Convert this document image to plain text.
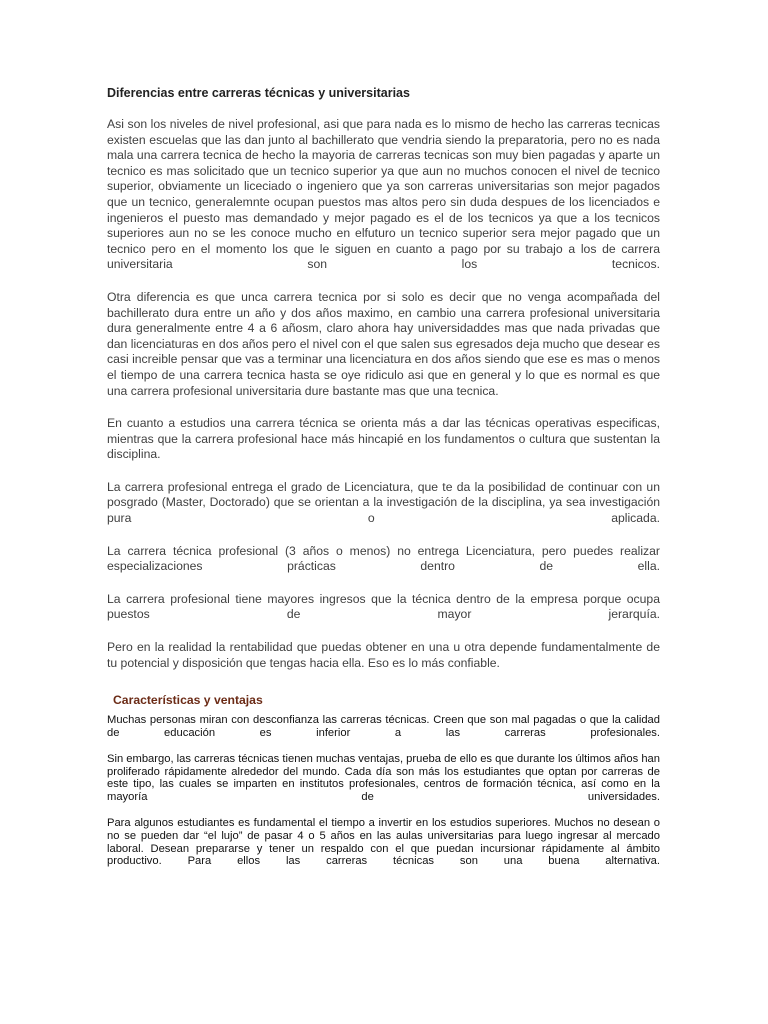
Diferencias entre carreras técnicas y universitarias

Asi son los niveles de nivel profesional, asi que para nada es lo mismo de hecho las carreras tecnicas existen escuelas que las dan junto al bachillerato que vendria siendo la preparatoria, pero no es nada mala una carrera tecnica de hecho la mayoria de carreras tecnicas son muy bien pagadas y aparte un tecnico es mas solicitado que un tecnico superior ya que aun no muchos conocen el nivel de tecnico superior, obviamente un liceciado o ingeniero que ya son carreras universitarias son mejor pagados que un tecnico, generalemnte ocupan puestos mas altos pero sin duda despues de los licenciados e ingenieros el puesto mas demandado y mejor pagado es el de los tecnicos ya que a los tecnicos superiores aun no se les conoce mucho en elfuturo un tecnico superior sera mejor pagado que un tecnico pero en el momento los que le siguen en cuanto a pago por su trabajo a los de carrera universitaria son los tecnicos.

Otra diferencia es que unca carrera tecnica por si solo es decir que no venga acompañada del bachillerato dura entre un año y dos años maximo, en cambio una carrera profesional universitaria dura generalmente entre 4 a 6 añosm, claro ahora hay universidaddes mas que nada privadas que dan licenciaturas en dos años pero el nivel con el que salen sus egresados deja mucho que desear es casi increible pensar que vas a terminar una licenciatura en dos años siendo que ese es mas o menos el tiempo de una carrera tecnica hasta se oye ridiculo asi que en general y lo que es normal es que una carrera profesional universitaria dure bastante mas que una tecnica.

En cuanto a estudios una carrera técnica se orienta más a dar las técnicas operativas especificas, mientras que la carrera profesional hace más hincapié en los fundamentos o cultura que sustentan la disciplina.

La carrera profesional entrega el grado de Licenciatura, que te da la posibilidad de continuar con un posgrado (Master, Doctorado) que se orientan a la investigación de la disciplina, ya sea investigación pura o aplicada.

La carrera técnica profesional (3 años o menos) no entrega Licenciatura, pero puedes realizar especializaciones prácticas dentro de ella.

La carrera profesional tiene mayores ingresos que la técnica dentro de la empresa porque ocupa puestos de mayor jerarquía.

Pero en la realidad la rentabilidad que puedas obtener en una u otra depende fundamentalmente de tu potencial y disposición que tengas hacia ella. Eso es lo más confiable.

Características y ventajas

Muchas personas miran con desconfianza las carreras técnicas. Creen que son mal pagadas o que la calidad de educación es inferior a las carreras profesionales.

Sin embargo, las carreras técnicas tienen muchas ventajas, prueba de ello es que durante los últimos años han proliferado rápidamente alrededor del mundo. Cada día son más los estudiantes que optan por carreras de este tipo, las cuales se imparten en institutos profesionales, centros de formación técnica, así como en la mayoría de universidades.

Para algunos estudiantes es fundamental el tiempo a invertir en los estudios superiores. Muchos no desean o no se pueden dar “el lujo” de pasar 4 o 5 años en las aulas universitarias para luego ingresar al mercado laboral. Desean prepararse y tener un respaldo con el que puedan incursionar rápidamente al ámbito productivo. Para ellos las carreras técnicas son una buena alternativa.
